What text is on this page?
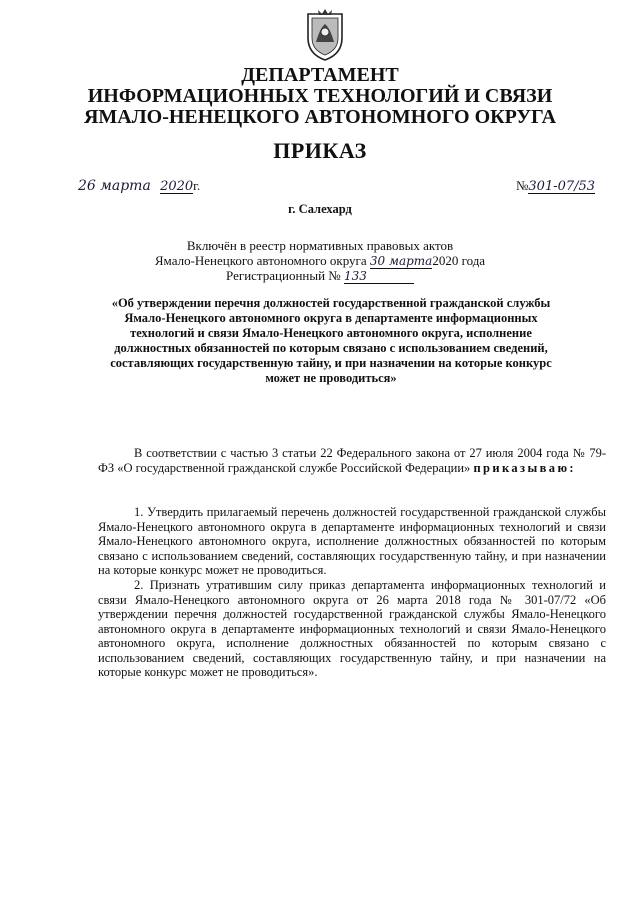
ДЕПАРТАМЕНТ
ИНФОРМАЦИОННЫХ ТЕХНОЛОГИЙ И СВЯЗИ
ЯМАЛО-НЕНЕЦКОГО АВТОНОМНОГО ОКРУГА
ПРИКАЗ
26 марта 2020г.	№301-07/53
г. Салехард
Включён в реестр нормативных правовых актов
Ямало-Ненецкого автономного округа 30 марта2020 года
Регистрационный № 133
«Об утверждении перечня должностей государственной гражданской службы Ямало-Ненецкого автономного округа в департаменте информационных технологий и связи Ямало-Ненецкого автономного округа, исполнение должностных обязанностей по которым связано с использованием сведений, составляющих государственную тайну, и при назначении на которые конкурс может не проводиться»

В соответствии с частью 3 статьи 22 Федерального закона от 27 июля 2004 года № 79-ФЗ «О государственной гражданской службе Российской Федерации» приказываю:

1. Утвердить прилагаемый перечень должностей государственной гражданской службы Ямало-Ненецкого автономного округа в департаменте информационных технологий и связи Ямало-Ненецкого автономного округа, исполнение должностных обязанностей по которым связано с использованием сведений, составляющих государственную тайну, и при назначении на которые конкурс может не проводиться.

2. Признать утратившим силу приказ департамента информационных технологий и связи Ямало-Ненецкого автономного округа от 26 марта 2018 года № 301-07/72 «Об утверждении перечня должностей государственной гражданской службы Ямало-Ненецкого автономного округа в департаменте информационных технологий и связи Ямало-Ненецкого автономного округа, исполнение должностных обязанностей по которым связано с использованием сведений, составляющих государственную тайну, и при назначении на которые конкурс может не проводиться».
